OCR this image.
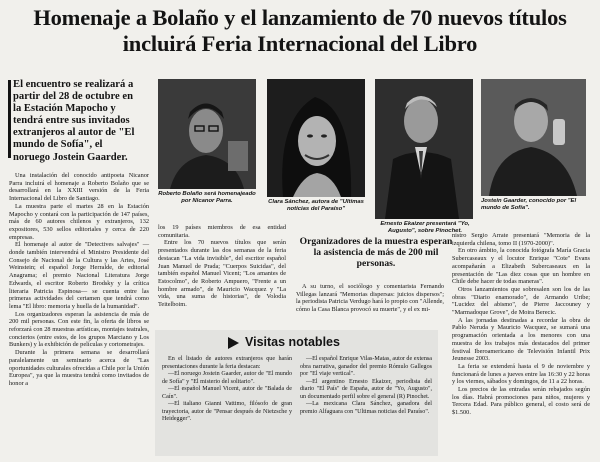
Homenaje a Bolaño y el lanzamiento de 70 nuevos títulos incluirá Feria Internacional del Libro

El encuentro se realizará a partir del 28 de octubre en la Estación Mapocho y tendrá entre sus invitados extranjeros al autor de "El mundo de Sofía", el noruego Jostein Gaarder.

Una instalación del conocido antipoeta Nicanor Parra incluirá el homenaje a Roberto Bolaño que se desarrollará en la XXIII versión de la Feria Internacional del Libro de Santiago.

La muestra parte el martes 28 en la Estación Mapocho y contará con la participación de 147 países, más de 60 autores chilenos y extranjeros, 132 expositores, 530 sellos editoriales y cerca de 220 empresas.

El homenaje al autor de "Detectives salvajes" —donde también intervendrá el Ministro Presidente del Consejo de Nacional de la Cultura y las Artes, José Weinstein; el español Jorge Herralde, de editorial Anagrama; el premio Nacional Literatura Jorge Edwards, el escritor Roberto Brodsky y la crítica literaria Patricia Espinosa— se cuenta entre las primeras actividades del certamen que tendrá como lema "El libro: memoria y huella de la humanidad".

Los organizadores esperan la asistencia de más de 200 mil personas. Con este fin, la oferta de libros se reforzará con 28 muestras artísticas, montajes teatrales, conciertos (entre estos, de los grupos Marciano y Los Bunkers) y la exhibición de películas y cortometrajes.

Durante la primera semana se desarrollará paralelamente un seminario acerca de "Las oportunidades culturales ofrecidas a Chile por la Unión Europea", ya que la muestra tendrá como invitados de honor a

Roberto Bolaño será homenajeado por Nicanor Parra.	Clara Sánchez, autora de "Ultimas noticias del Paraíso"
Jostein Gaarder, conocido por "El mundo de Sofía".
Ernesto Ekaizer presentará "Yo, Augusto", sobre Pinochet.

los 19 países miembros de esa entidad comunitaria.

Entre los 70 nuevos títulos que serán presentados durante las dos semanas de la feria destacan "La vida invisible", del escritor español Juan Manuel de Prada; "Cuerpos Suicidas", del también español Manuel Vicent; "Los amantes de Estocolmo", de Roberto Ampuero, "Frente a un hombre armado", de Mauricio Wacquez y "La vida, una suma de historias", de Volodia Teitelboim.

Organizadores de la muestra esperan la asistencia de más de 200 mil personas.

A su turno, el sociólogo y comentarista Fernando Villegas lanzará "Memorias dispersas: juicios dispersos"; la periodista Patricia Verdugo hará lo propio con "Allende, cómo la Casa Blanca provocó su muerte", y el ex mi-

nistro Sergio Arrate presentará "Memoria de la izquierda chilena, tomo II (1970-2000)".

En otro ámbito, la conocida fotógrafa María Gracia Subercaseaux y el locutor Enrique "Cote" Evans acompañarán a Elizabeth Subercaseaux en la presentación de "Las diez cosas que un hombre en Chile debe hacer de todas maneras".

Otros lanzamientos que sobresalen son los de las obras "Diario enamorado", de Armando Uribe; "Lucidez del abismo", de Pierre Jaccouney y "Marmadoque Grove", de Moira Berecic.

A las jornadas destinadas a recordar la obra de Pablo Neruda y Mauricio Wacquez, se sumará una programación orientada a los menores con una muestra de los trabajos más destacados del primer festival Iberoamericano de Televisión Infantil Prix Jeunesse 2003.

La feria se extenderá hasta el 9 de noviembre y funcionará de lunes a jueves entre las 16:30 y 22 horas y los viernes, sábados y domingos, de 11 a 22 horas.

Los precios de las entradas serán rebajados según los días. Habrá promociones para niños, mujeres y Tercera Edad. Para público general, el costo será de $1.500.

Visitas notables

En el listado de autores extranjeros que harán presentaciones durante la feria destacan:

—El noruego Jostein Gaarder, autor de "El mundo de Sofía" y "El misterio del solitario".

—El español Manuel Vicent, autor de "Balada de Caín".

—El italiano Gianni Vattimo, filósofo de gran trayectoria, autor de "Pensar después de Nietzsche y Heidegger".

—El español Enrique Vilas-Matas, autor de extensa obra narrativa, ganador del premio Rómulo Gallegos por "El viaje vertical".

—El argentino Ernesto Ekaizer, periodista del diario "El País" de España, autor de "Yo, Augusto", un documentado perfil sobre el general (R) Pinochet.

—La mexicana Clara Sánchez, ganadora del premio Alfaguara con "Ultimas noticias del Paraíso".
